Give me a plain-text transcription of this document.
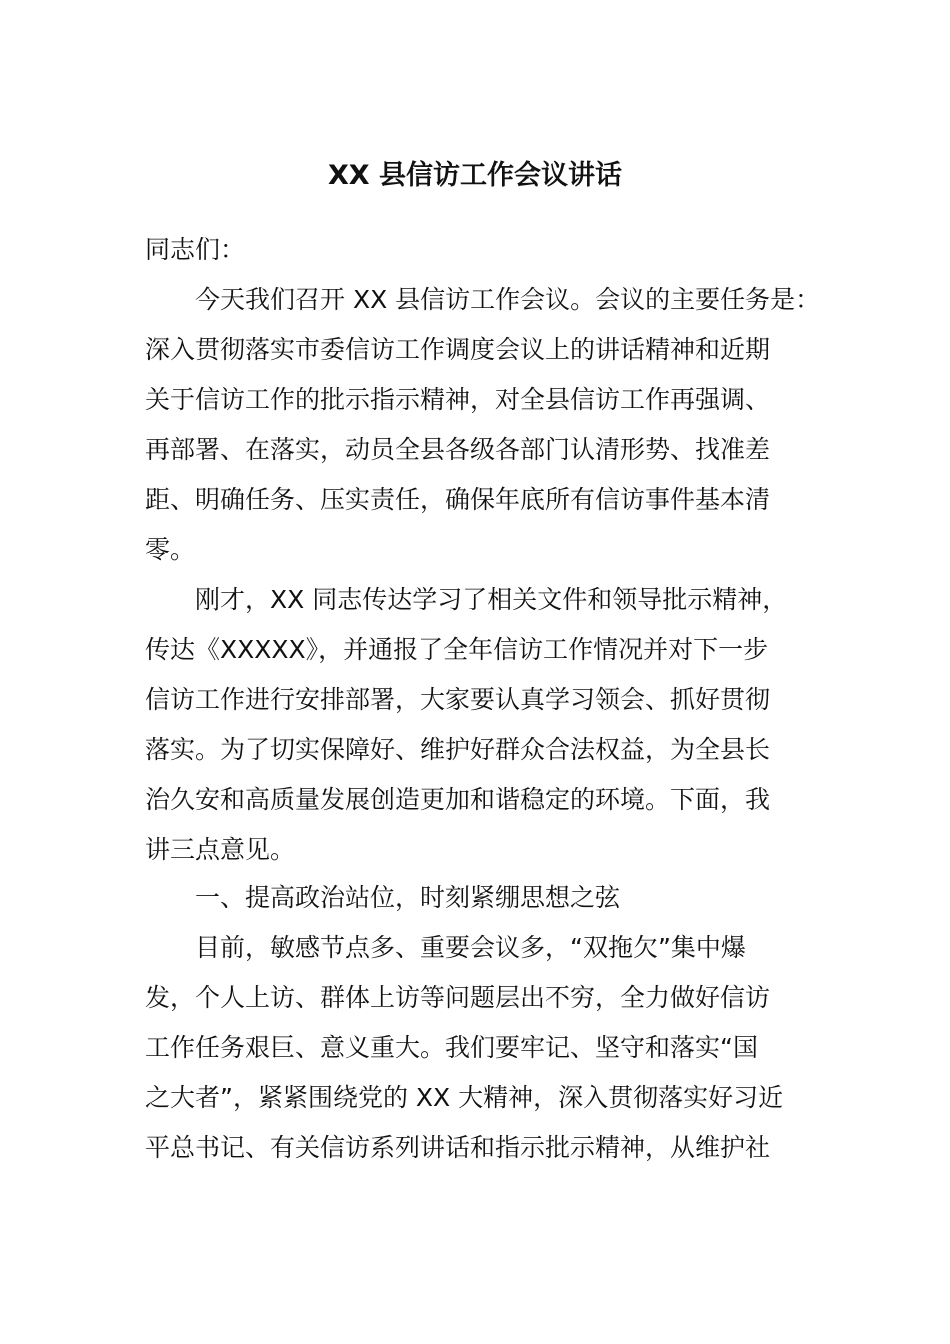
XX 县信访工作会议讲话
同志们：
今天我们召开 XX 县信访工作会议。会议的主要任务是：
深入贯彻落实市委信访工作调度会议上的讲话精神和近期
关于信访工作的批示指示精神，对全县信访工作再强调、
再部署、在落实，动员全县各级各部门认清形势、找准差
距、明确任务、压实责任，确保年底所有信访事件基本清
零。
刚才，XX 同志传达学习了相关文件和领导批示精神，
传达《XXXXX》，并通报了全年信访工作情况并对下一步
信访工作进行安排部署，大家要认真学习领会、抓好贯彻
落实。为了切实保障好、维护好群众合法权益，为全县长
治久安和高质量发展创造更加和谐稳定的环境。下面，我
讲三点意见。
一、提高政治站位，时刻紧绷思想之弦
目前，敏感节点多、重要会议多，“双拖欠”集中爆
发，个人上访、群体上访等问题层出不穷，全力做好信访
工作任务艰巨、意义重大。我们要牢记、坚守和落实“国
之大者”，紧紧围绕党的 XX 大精神，深入贯彻落实好习近
平总书记、有关信访系列讲话和指示批示精神，从维护社
